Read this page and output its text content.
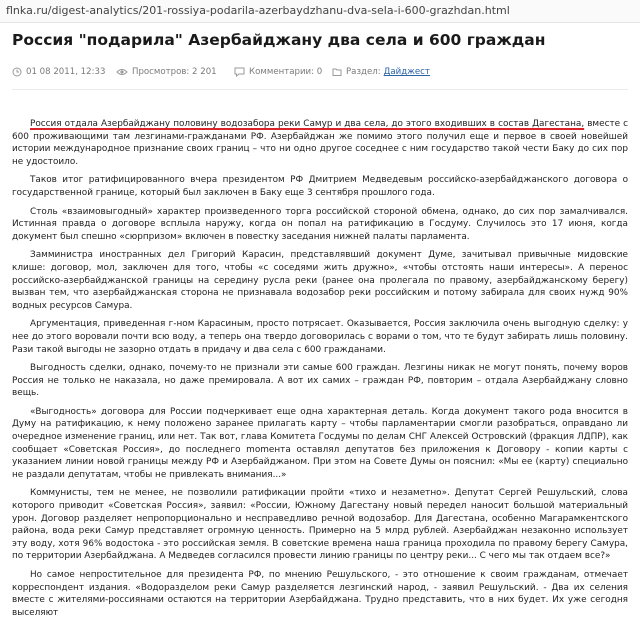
flnka.ru/digest-analytics/201-rossiya-podarila-azerbaydzhanu-dva-sela-i-600-grazhdan.html
Россия "подарила" Азербайджану два села и 600 граждан
01 08 2011, 12:33	Просмотров: 2 201	Комментарии: 0	Раздел: Дайджест

Россия отдала Азербайджану половину водозабора реки Самур и два села, до этого входивших в состав Дагестана, вместе с 600 проживающими там лезгинами-гражданами РФ. Азербайджан же помимо этого получил еще и первое в своей новейшей истории международное признание своих границ – что ни одно другое соседнее с ним государство такой чести Баку до сих пор не удостоило.

Таков итог ратифицированного вчера президентом РФ Дмитрием Медведевым российско-азербайджанского договора о государственной границе, который был заключен в Баку еще 3 сентября прошлого года.

Столь «взаимовыгодный» характер произведенного торга российской стороной обмена, однако, до сих пор замалчивался. Истинная правда о договоре всплыла наружу, когда он попал на ратификацию в Госдуму. Случилось это 17 июня, когда документ был спешно «сюрпризом» включен в повестку заседания нижней палаты парламента.

Замминистра иностранных дел Григорий Карасин, представлявший документ Думе, зачитывал привычные мидовские клише: договор, мол, заключен для того, чтобы «с соседями жить дружно», «чтобы отстоять наши интересы». А перенос российско-азербайджанской границы на середину русла реки (ранее она пролегала по правому, азербайджанскому берегу) вызван тем, что азербайджанская сторона не признавала водозабор реки российским и потому забирала для своих нужд 90% водных ресурсов Самура.

Аргументация, приведенная г-ном Карасиным, просто потрясает. Оказывается, Россия заключила очень выгодную сделку: у нее до этого воровали почти всю воду, а теперь она твердо договорилась с ворами о том, что те будут забирать лишь половину. Рази такой выгоды не зазорно отдать в придачу и два села с 600 гражданами.

Выгодность сделки, однако, почему-то не признали эти самые 600 граждан. Лезгины никак не могут понять, почему воров Россия не только не наказала, но даже премировала. А вот их самих – граждан РФ, повторим – отдала Азербайджану словно вещь.

«Выгодность» договора для России подчеркивает еще одна характерная деталь. Когда документ такого рода вносится в Думу на ратификацию, к нему положено заранее прилагать карту – чтобы парламентарии смогли разобраться, оправдано ли очередное изменение границ, или нет. Так вот, глава Комитета Госдумы по делам СНГ Алексей Островский (фракция ЛДПР), как сообщает «Советская Россия», до последнего momента оставлял депутатов без приложения к Договору - копии карты с указанием линии новой границы между РФ и Азербайджаном. При этом на Совете Думы он пояснил: «Мы ее (карту) специально не раздали депутатам, чтобы не привлекать внимания...»

Коммунисты, тем не менее, не позволили ратификации пройти «тихо и незаметно». Депутат Сергей Решульский, слова которого приводит «Советская Россия», заявил: «России, Южному Дагестану новый передел наносит большой материальный урон. Договор разделяет непропорционально и несправедливо речной водозабор. Для Дагестана, особенно Магарамкентского района, вода реки Самур представляет огромную ценность. Примерно на 5 млрд рублей. Азербайджан незаконно использует эту воду, хотя 96% водостока - это российская земля. В советские времена наша граница проходила по правому берегу Самура, по территории Азербайджана. А Медведев согласился провести линию границы по центру реки... С чего мы так отдаем все?»

Но самое непростительное для президента РФ, по мнению Решульского, - это отношение к своим гражданам, отмечает корреспондент издания. «Водоразделом реки Самур разделяется лезгинский народ, - заявил Решульский. - Два их селения вместе с жителями-россиянами остаются на территории Азербайджана. Трудно представить, что в них будет. Их уже сегодня выселяют
